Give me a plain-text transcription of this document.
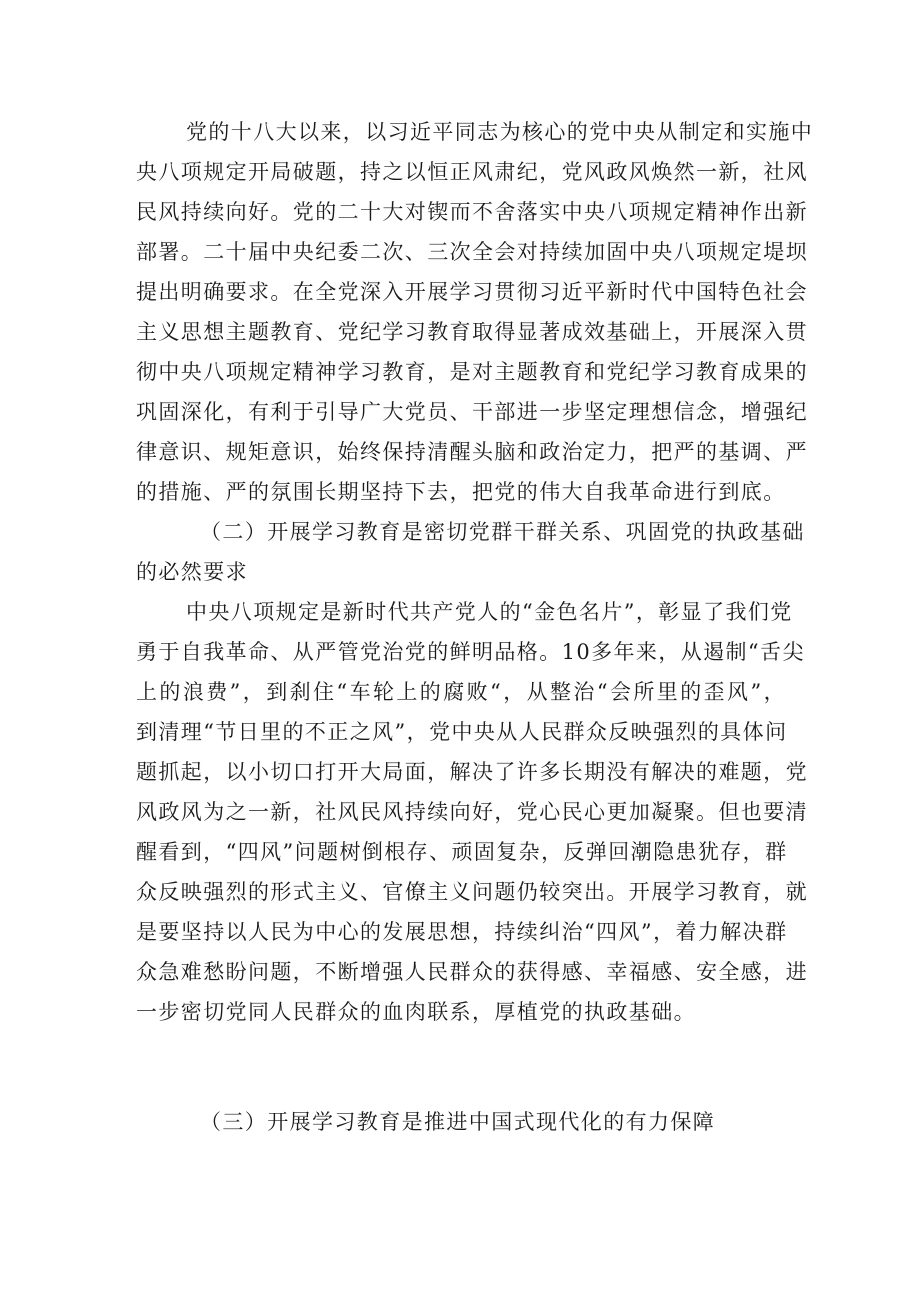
党的十八大以来，以习近平同志为核心的党中央从制定和实施中
央八项规定开局破题，持之以恒正风肃纪，党风政风焕然一新，社风
民风持续向好。党的二十大对锲而不舍落实中央八项规定精神作出新
部署。二十届中央纪委二次、三次全会对持续加固中央八项规定堤坝
提出明确要求。在全党深入开展学习贯彻习近平新时代中国特色社会
主义思想主题教育、党纪学习教育取得显著成效基础上，开展深入贯
彻中央八项规定精神学习教育，是对主题教育和党纪学习教育成果的
巩固深化，有利于引导广大党员、干部进一步坚定理想信念，增强纪
律意识、规矩意识，始终保持清醒头脑和政治定力，把严的基调、严
的措施、严的氛围长期坚持下去，把党的伟大自我革命进行到底。
（二）开展学习教育是密切党群干群关系、巩固党的执政基础
的必然要求
中央八项规定是新时代共产党人的“金色名片”，彰显了我们党
勇于自我革命、从严管党治党的鲜明品格。10多年来，从遏制“舌尖
上的浪费”，到刹住“车轮上的腐败“，从整治“会所里的歪风”，
到清理“节日里的不正之风”，党中央从人民群众反映强烈的具体问
题抓起，以小切口打开大局面，解决了许多长期没有解决的难题，党
风政风为之一新，社风民风持续向好，党心民心更加凝聚。但也要清
醒看到，“四风”问题树倒根存、顽固复杂，反弹回潮隐患犹存，群
众反映强烈的形式主义、官僚主义问题仍较突出。开展学习教育，就
是要坚持以人民为中心的发展思想，持续纠治“四风”，着力解决群
众急难愁盼问题，不断增强人民群众的获得感、幸福感、安全感，进
一步密切党同人民群众的血肉联系，厚植党的执政基础。
（三）开展学习教育是推进中国式现代化的有力保障
